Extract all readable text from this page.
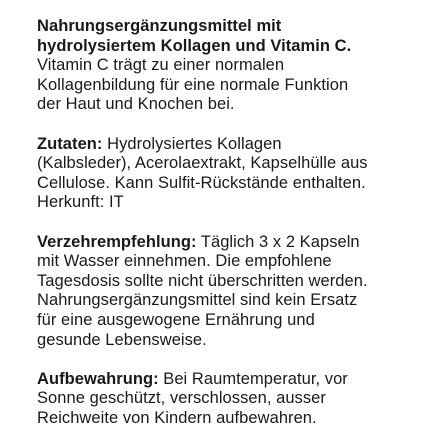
Nahrungsergänzungsmittel mit
hydrolysiertem Kollagen und Vitamin C.
Vitamin C trägt zu einer normalen
Kollagenbildung für eine normale Funktion
der Haut und Knochen bei.
Zutaten: Hydrolysiertes Kollagen
(Kalbsleder), Acerolaextrakt, Kapselhülle aus
Cellulose. Kann Sulfit-Rückstände enthalten.
Herkunft: IT
Verzehrempfehlung: Täglich 3 x 2 Kapseln
mit Wasser einnehmen. Die empfohlene
Tagesdosis sollte nicht überschritten werden.
Nahrungsergänzungsmittel sind kein Ersatz
für eine ausgewogene Ernährung und
gesunde Lebensweise.
Aufbewahrung: Bei Raumtemperatur, vor
Sonne geschützt, verschlossen, ausser
Reichweite von Kindern aufbewahren.
